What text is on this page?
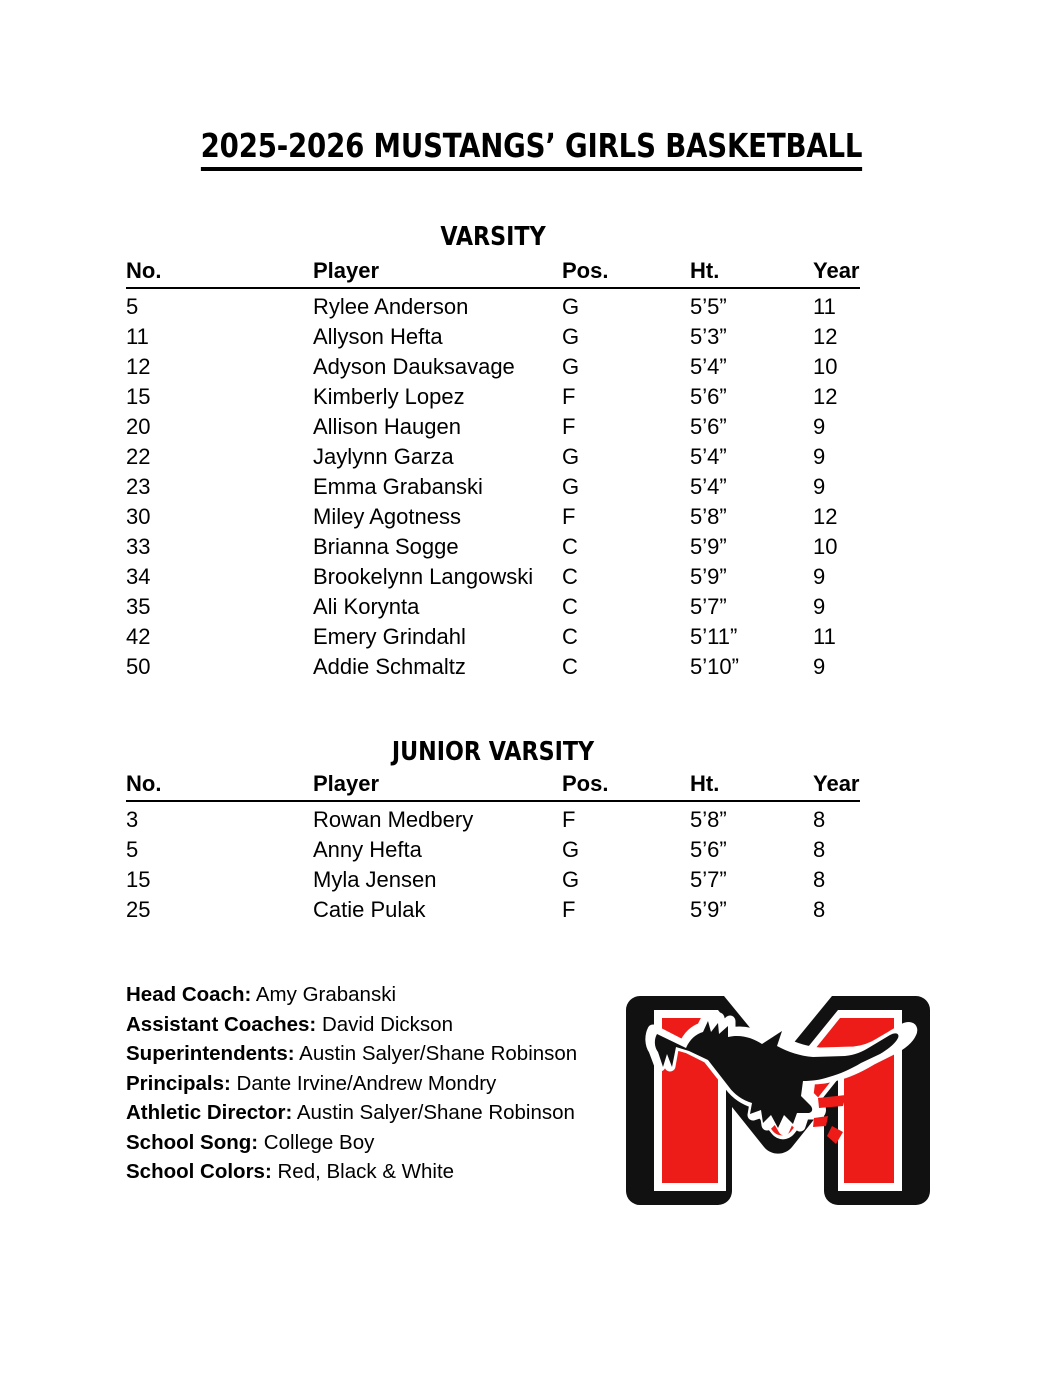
2025-2026 MUSTANGS’ GIRLS BASKETBALL
VARSITY
No.	Player	Pos.	Ht.	Year
5	Rylee Anderson	G	5’5”	11
11	Allyson Hefta	G	5’3”	12
12	Adyson Dauksavage	G	5’4”	10
15	Kimberly Lopez	F	5’6”	12
20	Allison Haugen	F	5’6”	9
22	Jaylynn Garza	G	5’4”	9
23	Emma Grabanski	G	5’4”	9
30	Miley Agotness	F	5’8”	12
33	Brianna Sogge	C	5’9”	10
34	Brookelynn Langowski	C	5’9”	9
35	Ali Korynta	C	5’7”	9
42	Emery Grindahl	C	5’11”	11
50	Addie Schmaltz	C	5’10”	9
JUNIOR VARSITY
No.	Player	Pos.	Ht.	Year
3	Rowan Medbery	F	5’8”	8
5	Anny Hefta	G	5’6”	8
15	Myla Jensen	G	5’7”	8
25	Catie Pulak	F	5’9”	8
Head Coach: Amy Grabanski
Assistant Coaches: David Dickson
Superintendents: Austin Salyer/Shane Robinson
Principals: Dante Irvine/Andrew Mondry
Athletic Director: Austin Salyer/Shane Robinson
School Song: College Boy
School Colors: Red, Black & White
